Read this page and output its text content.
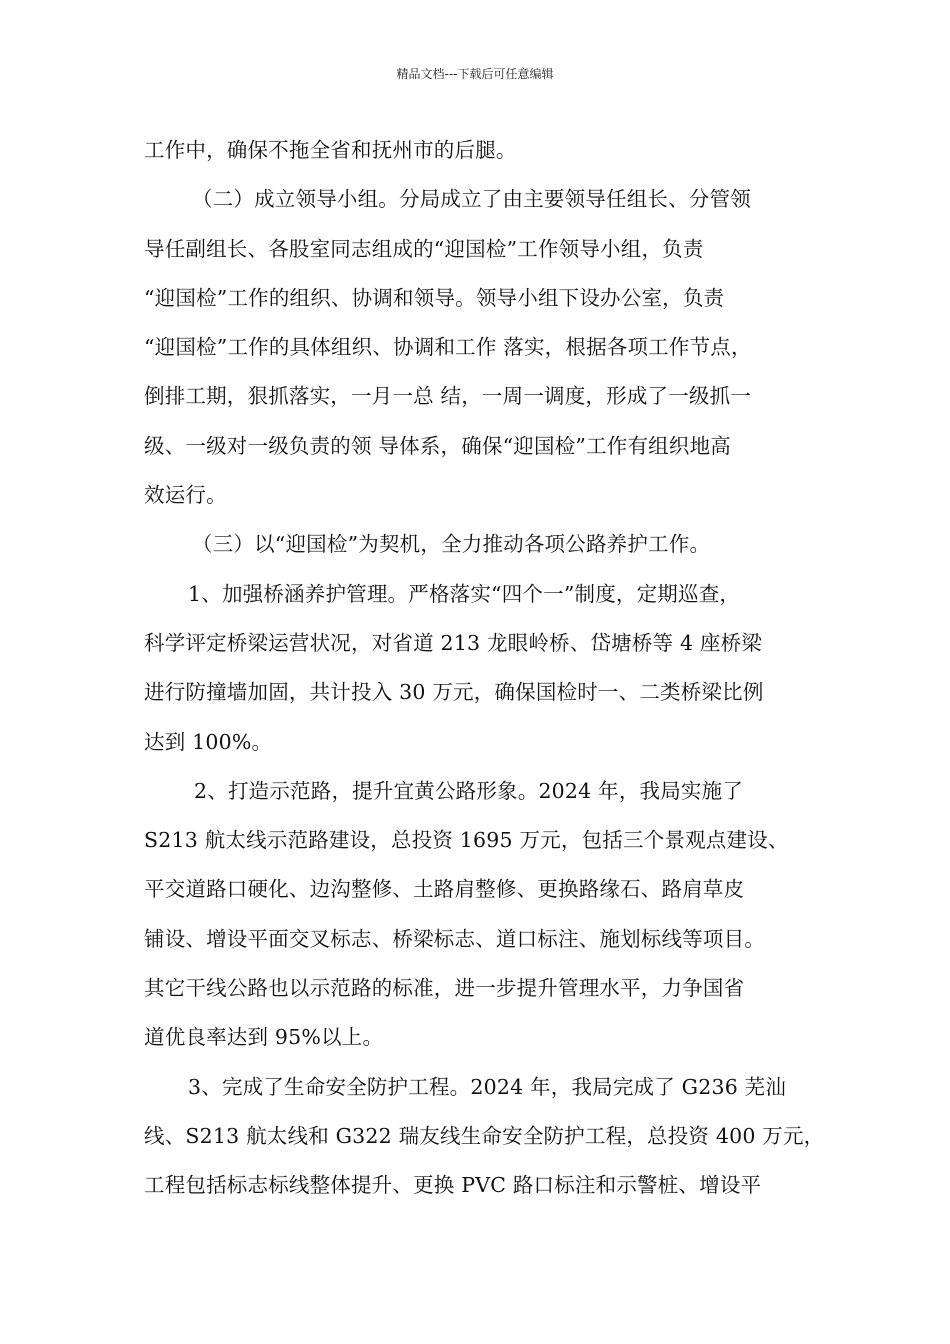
精品文档---下载后可任意编辑
工作中，确保不拖全省和抚州市的后腿。
（二）成立领导小组。分局成立了由主要领导任组长、分管领
导任副组长、各股室同志组成的“迎国检”工作领导小组，负责
“迎国检”工作的组织、协调和领导。领导小组下设办公室，负责
“迎国检”工作的具体组织、协调和工作 落实，根据各项工作节点，
倒排工期，狠抓落实，一月一总 结，一周一调度，形成了一级抓一
级、一级对一级负责的领 导体系，确保“迎国检”工作有组织地高
效运行。
（三）以“迎国检”为契机，全力推动各项公路养护工作。
1、加强桥涵养护管理。严格落实“四个一”制度，定期巡查，
科学评定桥梁运营状况，对省道 213 龙眼岭桥、岱塘桥等 4 座桥梁
进行防撞墙加固，共计投入 30 万元，确保国检时一、二类桥梁比例
达到 100%。
2、打造示范路，提升宜黄公路形象。2024 年，我局实施了
S213 航太线示范路建设，总投资 1695 万元，包括三个景观点建设、
平交道路口硬化、边沟整修、土路肩整修、更换路缘石、路肩草皮
铺设、增设平面交叉标志、桥梁标志、道口标注、施划标线等项目。
其它干线公路也以示范路的标准，进一步提升管理水平，力争国省
道优良率达到 95%以上。
3、完成了生命安全防护工程。2024 年，我局完成了 G236 芜汕
线、S213 航太线和 G322 瑞友线生命安全防护工程，总投资 400 万元，
工程包括标志标线整体提升、更换 PVC 路口标注和示警桩、增设平
